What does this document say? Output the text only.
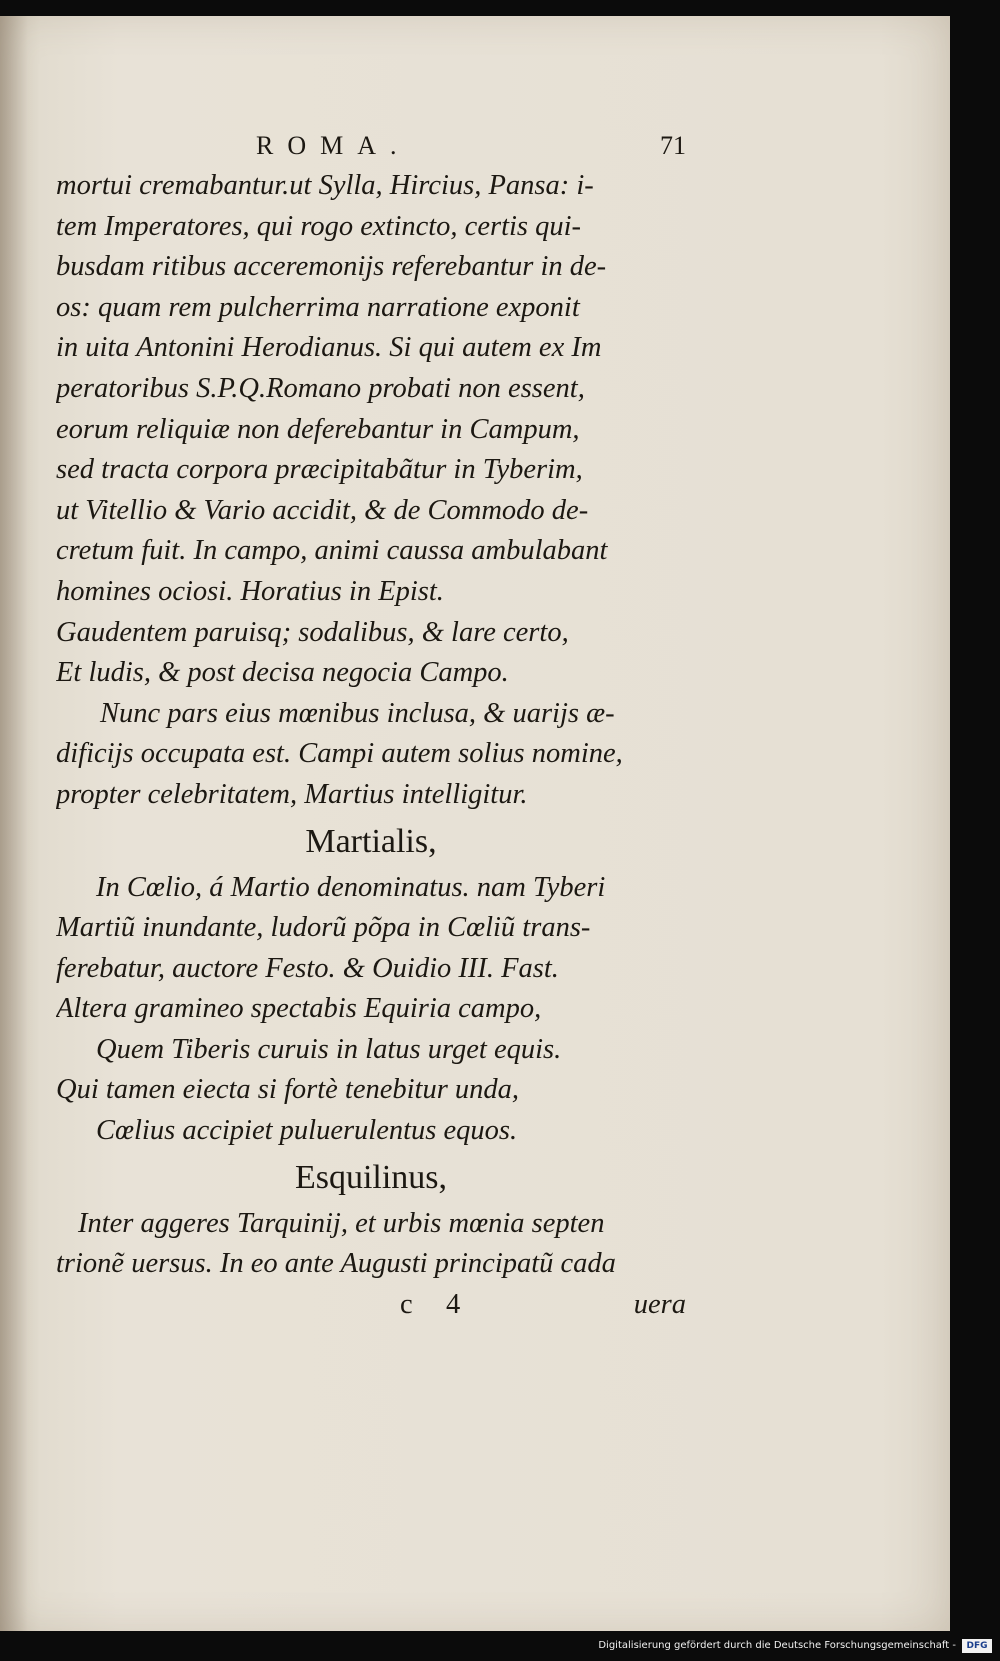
ROMA.	71
mortui cremabantur.ut Sylla, Hircius, Pansa: i-
tem Imperatores, qui rogo extincto, certis qui-
busdam ritibus acceremonijs referebantur in de-
os: quam rem pulcherrima narratione exponit
in uita Antonini Herodianus. Si qui autem ex Im
peratoribus S.P.Q.Romano probati non essent,
eorum reliquiæ non deferebantur in Campum,
sed tracta corpora præcipitabãtur in Tyberim,
ut Vitellio & Vario accidit, & de Commodo de-
cretum fuit. In campo, animi caussa ambulabant
homines ociosi. Horatius in Epist.
Gaudentem paruisq; sodalibus, & lare certo,
Et ludis, & post decisa negocia Campo.
Nunc pars eius mœnibus inclusa, & uarijs æ-
dificijs occupata est. Campi autem solius nomine,
propter celebritatem, Martius intelligitur.
Martialis,
In Cœlio, á Martio denominatus. nam Tyberi
Martiũ inundante, ludorũ põpa in Cœliũ trans-
ferebatur, auctore Festo. & Ouidio III. Fast.
Altera gramineo spectabis Equiria campo,
Quem Tiberis curuis in latus urget equis.
Qui tamen eiecta si fortè tenebitur unda,
Cœlius accipiet puluerulentus equos.
Esquilinus,
Inter aggeres Tarquinij, et urbis mœnia septen
trionẽ uersus. In eo ante Augusti principatũ cada
c 4	uera
Digitalisierung gefördert durch die Deutsche Forschungsgemeinschaft -	DFG
